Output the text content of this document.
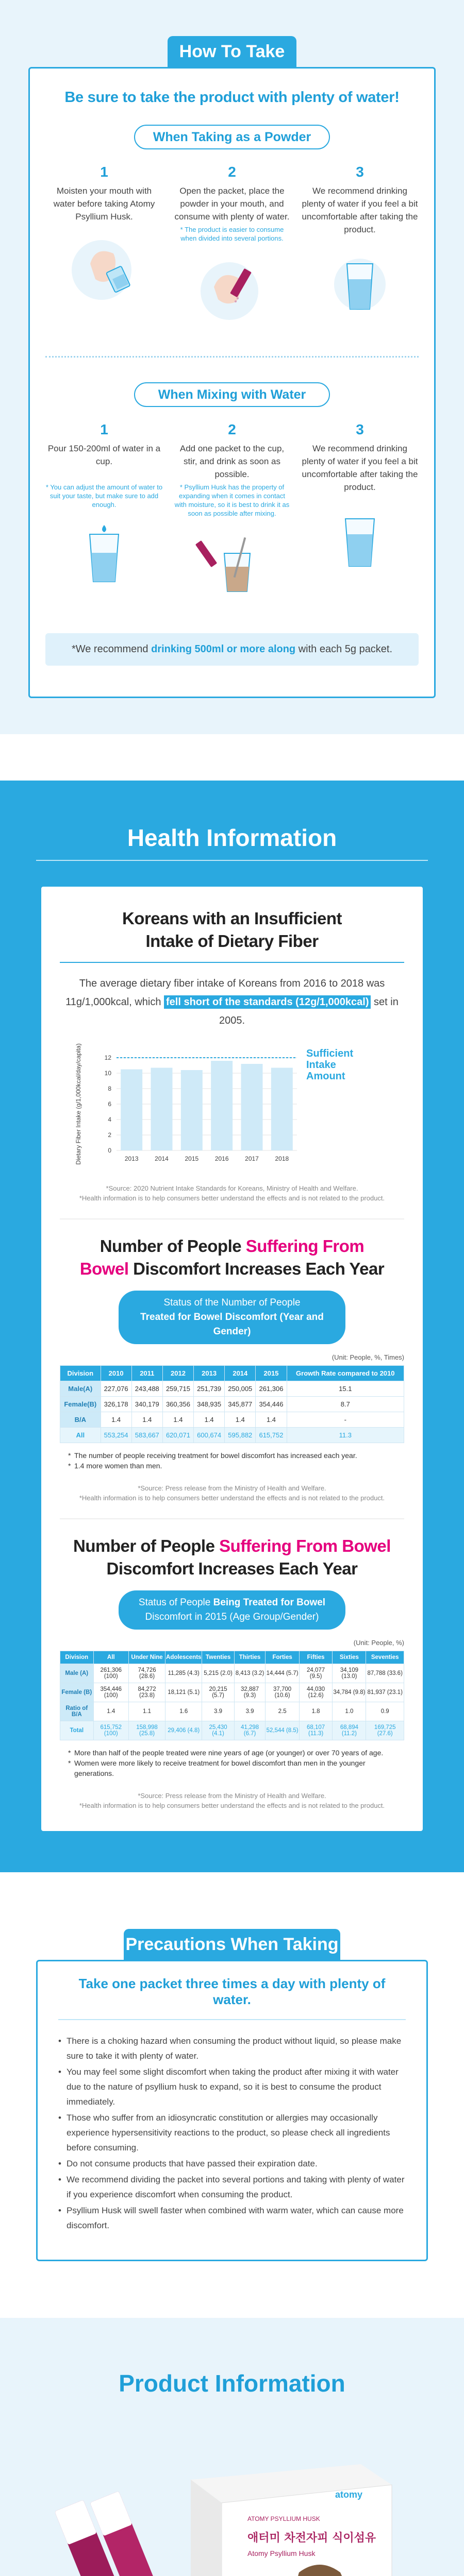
How To Take
Be sure to take the product with plenty of water!
When Taking as a Powder
1
Moisten your mouth with water before taking Atomy Psyllium Husk.
2
Open the packet, place the powder in your mouth, and consume with plenty of water.
* The product is easier to consume when divided into several portions.
3
We recommend drinking plenty of water if you feel a bit uncomfortable after taking the product.
When Mixing with Water
1
Pour 150-200ml of water in a cup.
* You can adjust the amount of water to suit your taste, but make sure to add enough.
2
Add one packet to the cup, stir, and drink as soon as possible.
* Psyllium Husk has the property of expanding when it comes in contact with moisture, so it is best to drink it as soon as possible after mixing.
3
We recommend drinking plenty of water if you feel a bit uncomfortable after taking the product.
*We recommend drinking 500ml or more along with each 5g packet.
Health Information
Koreans with an Insufficient
Intake of Dietary Fiber
The average dietary fiber intake of Koreans from 2016 to 2018 was 11g/1,000kcal, which fell short of the standards (12g/1,000kcal) set in 2005.
Dietary Fiber Intake (g/1,000kcal/day/capita)	0
2
4
6
8
10
12
2013	2014	2015	2016	2017	2018
Sufficient
Intake
Amount
*Source: 2020 Nutrient Intake Standards for Koreans, Ministry of Health and Welfare.
*Health information is to help consumers better understand the effects and is not related to the product.
Number of People Suffering From
Bowel Discomfort Increases Each Year
Status of the Number of People
Treated for Bowel Discomfort (Year and Gender)
(Unit: People, %, Times)
Division	2010	2011	2012	2013	2014	2015	Growth Rate compared to 2010
Male(A)	227,076	243,488	259,715	251,739	250,005	261,306	15.1
Female(B)	326,178	340,179	360,356	348,935	345,877	354,446	8.7
B/A	1.4	1.4	1.4	1.4	1.4	1.4	-
All	553,254	583,667	620,071	600,674	595,882	615,752	11.3
* The number of people receiving treatment for bowel discomfort has increased each year.
* 1.4 more women than men.
*Source: Press release from the Ministry of Health and Welfare.
*Health information is to help consumers better understand the effects and is not related to the product.
Number of People Suffering From Bowel
Discomfort Increases Each Year
Status of People Being Treated for Bowel
Discomfort in 2015 (Age Group/Gender)
(Unit: People, %)
Division	All	Under Nine	Adolescents	Twenties	Thirties	Forties	Fifties	Sixties	Seventies
Male (A)	261,306 (100)	74,726 (28.6)	11,285 (4.3)	5,215 (2.0)	8,413 (3.2)	14,444 (5.7)	24,077 (9.5)	34,109 (13.0)	87,788 (33.6)
Female (B)	354,446 (100)	84,272 (23.8)	18,121 (5.1)	20,215 (5.7)	32,887 (9.3)	37,700 (10.6)	44,030 (12.6)	34,784 (9.8)	81,937 (23.1)
Ratio of B/A	1.4	1.1	1.6	3.9	3.9	2.5	1.8	1.0	0.9
Total	615,752 (100)	158,998 (25.8)	29,406 (4.8)	25,430 (4.1)	41,298 (6.7)	52,544 (8.5)	68,107 (11.3)	68,894 (11.2)	169,725 (27.6)
* More than half of the people treated were nine years of age (or younger) or over 70 years of age.
* Women were more likely to receive treatment for bowel discomfort than men in the younger generations.
*Source: Press release from the Ministry of Health and Welfare.
*Health information is to help consumers better understand the effects and is not related to the product.
Precautions When Taking
Take one packet three times a day with plenty of water.
• There is a choking hazard when consuming the product without liquid, so please make sure to take it with plenty of water.
• You may feel some slight discomfort when taking the product after mixing it with water due to the nature of psyllium husk to expand, so it is best to consume the product immediately.
• Those who suffer from an idiosyncratic constitution or allergies may occasionally experience hypersensitivity reactions to the product, so please check all ingredients before consuming.
• Do not consume products that have passed their expiration date.
• We recommend dividing the packet into several portions and taking with plenty of water if you experience discomfort when consuming the product.
• Psyllium Husk will swell faster when combined with warm water, which can cause more discomfort.
Product Information
atomy
ATOMY PSYLLIUM HUSK
애터미 차전자피 식이섬유
Atomy Psyllium Husk
